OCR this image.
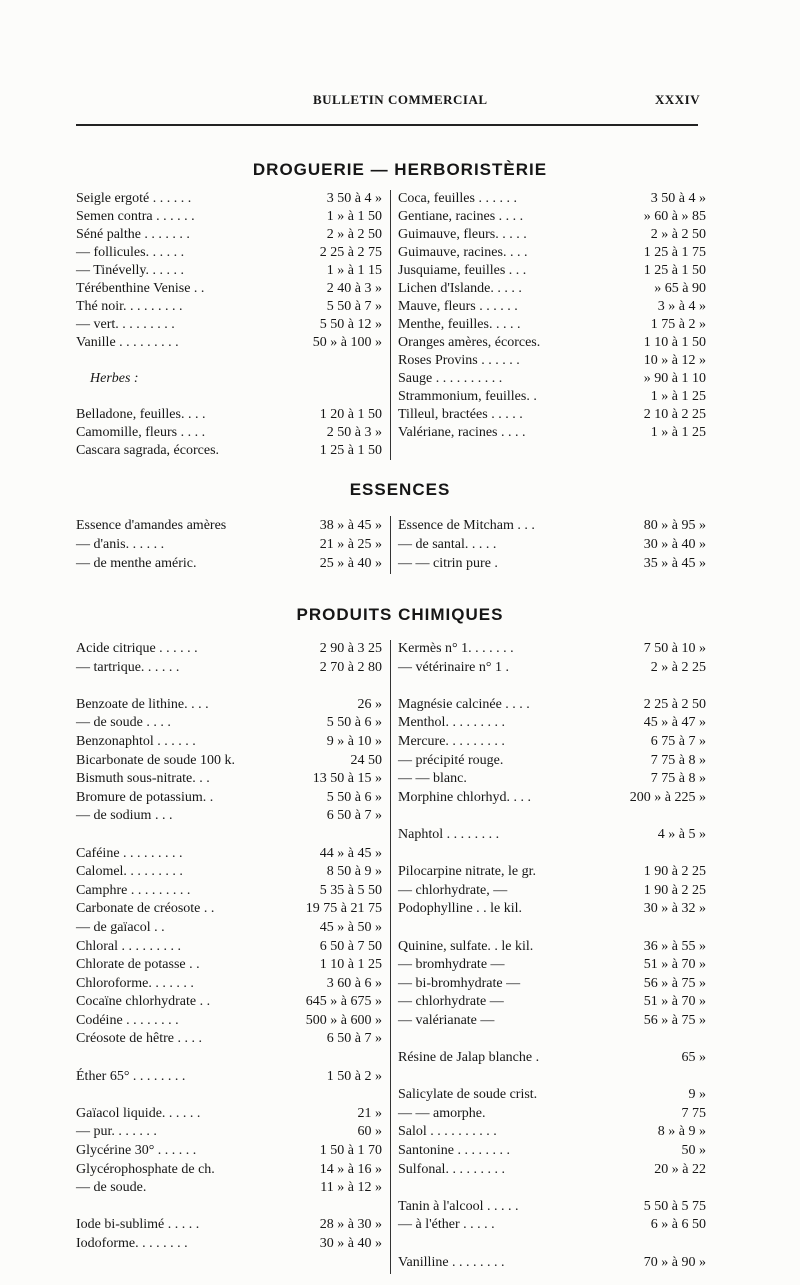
BULLETIN COMMERCIAL	XXXIV
DROGUERIE — HERBORISTÈRIE
Seigle ergoté . . . . . .	3 50 à 4 »
Semen contra . . . . . .	1 » à 1 50
Séné palthe . . . . . . .	2 » à 2 50
— follicules. . . . . .	2 25 à 2 75
— Tinévelly. . . . . .	1 » à 1 15
Térébenthine Venise . .	2 40 à 3 »
Thé noir. . . . . . . . .	5 50 à 7 »
— vert. . . . . . . . .	5 50 à 12 »
Vanille . . . . . . . . .	50 » à 100 »
Herbes :
Belladone, feuilles. . . .	1 20 à 1 50
Camomille, fleurs . . . .	2 50 à 3 »
Cascara sagrada, écorces.	1 25 à 1 50
Coca, feuilles . . . . . .	3 50 à 4 »
Gentiane, racines . . . .	» 60 à » 85
Guimauve, fleurs. . . . .	2 » à 2 50
Guimauve, racines. . . .	1 25 à 1 75
Jusquiame, feuilles . . .	1 25 à 1 50
Lichen d'Islande. . . . .	» 65 à 90
Mauve, fleurs . . . . . .	3 » à 4 »
Menthe, feuilles. . . . .	1 75 à 2 »
Oranges amères, écorces.	1 10 à 1 50
Roses Provins . . . . . .	10 » à 12 »
Sauge . . . . . . . . . .	» 90 à 1 10
Strammonium, feuilles. .	1 » à 1 25
Tilleul, bractées . . . . .	2 10 à 2 25
Valériane, racines . . . .	1 » à 1 25
ESSENCES
Essence d'amandes amères	38 » à 45 »
— d'anis. . . . . .	21 » à 25 »
— de menthe améric.	25 » à 40 »
Essence de Mitcham . . .	80 » à 95 »
— de santal. . . . .	30 » à 40 »
— — citrin pure .	35 » à 45 »
PRODUITS CHIMIQUES
Acide citrique . . . . . .	2 90 à 3 25
— tartrique. . . . . .	2 70 à 2 80
Benzoate de lithine. . . .	26 »
— de soude . . . .	5 50 à 6 »
Benzonaphtol . . . . . .	9 » à 10 »
Bicarbonate de soude 100 k.	24 50
Bismuth sous-nitrate. . .	13 50 à 15 »
Bromure de potassium. .	5 50 à 6 »
— de sodium . . .	6 50 à 7 »
Caféine . . . . . . . . .	44 » à 45 »
Calomel. . . . . . . . .	8 50 à 9 »
Camphre . . . . . . . . .	5 35 à 5 50
Carbonate de créosote . .	19 75 à 21 75
— de gaïacol . .	45 » à 50 »
Chloral . . . . . . . . .	6 50 à 7 50
Chlorate de potasse . .	1 10 à 1 25
Chloroforme. . . . . . .	3 60 à 6 »
Cocaïne chlorhydrate . .	645 » à 675 »
Codéine . . . . . . . .	500 » à 600 »
Créosote de hêtre . . . .	6 50 à 7 »
Éther 65° . . . . . . . .	1 50 à 2 »
Gaïacol liquide. . . . . .	21 »
— pur. . . . . . .	60 »
Glycérine 30° . . . . . .	1 50 à 1 70
Glycérophosphate de ch.	14 » à 16 »
— de soude.	11 » à 12 »
Iode bi-sublimé . . . . .	28 » à 30 »
Iodoforme. . . . . . . .	30 » à 40 »
Kermès n° 1. . . . . . .	7 50 à 10 »
— vétérinaire n° 1 .	2 » à 2 25
Magnésie calcinée . . . .	2 25 à 2 50
Menthol. . . . . . . . .	45 » à 47 »
Mercure. . . . . . . . .	6 75 à 7 »
— précipité rouge.	7 75 à 8 »
— — blanc.	7 75 à 8 »
Morphine chlorhyd. . . .	200 » à 225 »
Naphtol . . . . . . . .	4 » à 5 »
Pilocarpine nitrate, le gr.	1 90 à 2 25
— chlorhydrate, —	1 90 à 2 25
Podophylline . . le kil.	30 » à 32 »
Quinine, sulfate. . le kil.	36 » à 55 »
— bromhydrate —	51 » à 70 »
— bi-bromhydrate —	56 » à 75 »
— chlorhydrate —	51 » à 70 »
— valérianate —	56 » à 75 »
Résine de Jalap blanche .	65 »
Salicylate de soude crist.	9 »
— — amorphe.	7 75
Salol . . . . . . . . . .	8 » à 9 »
Santonine . . . . . . . .	50 »
Sulfonal. . . . . . . . .	20 » à 22
Tanin à l'alcool . . . . .	5 50 à 5 75
— à l'éther . . . . .	6 » à 6 50
Vanilline . . . . . . . .	70 » à 90 »
